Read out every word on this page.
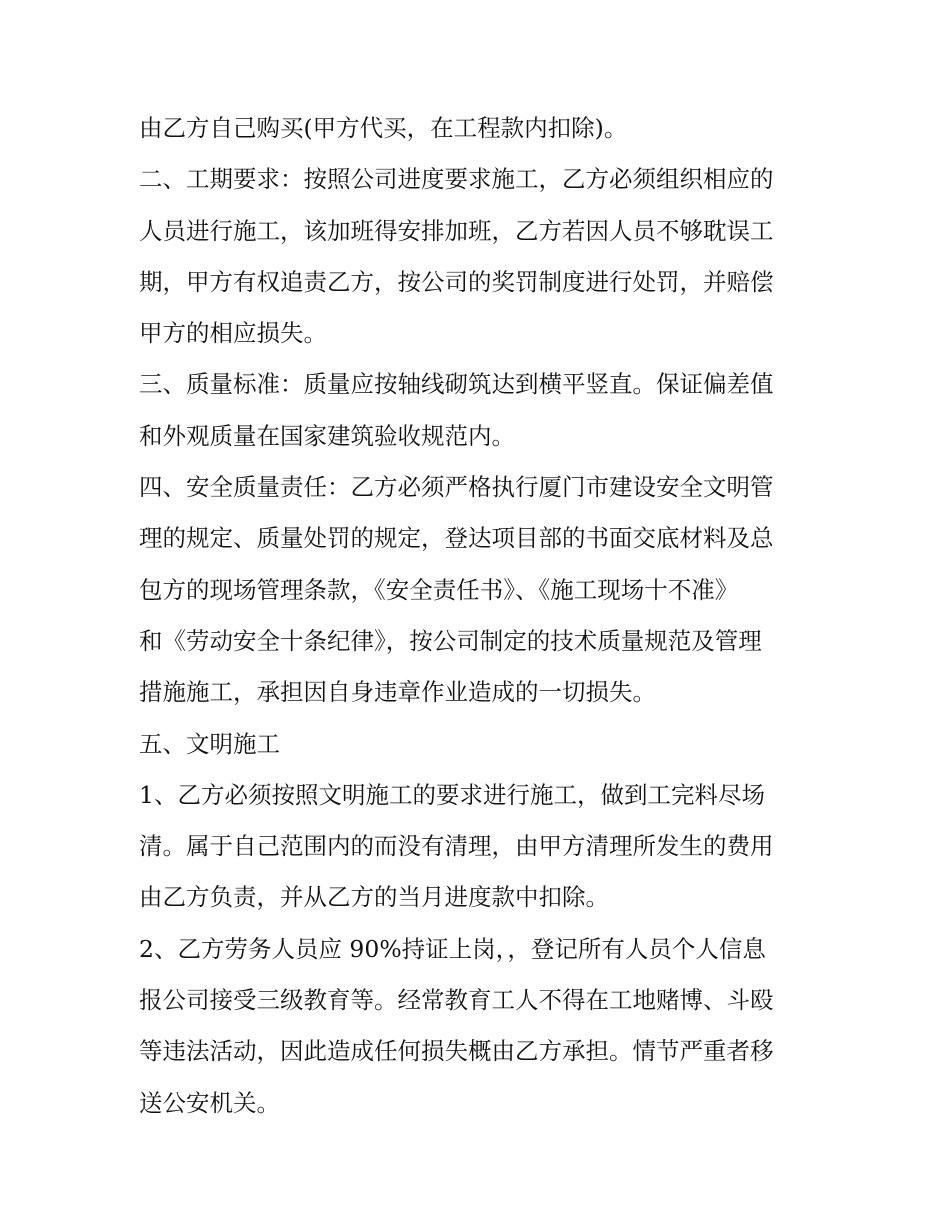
由乙方自己购买(甲方代买，在工程款内扣除)。
二、工期要求：按照公司进度要求施工，乙方必须组织相应的
人员进行施工，该加班得安排加班，乙方若因人员不够耽误工
期，甲方有权追责乙方，按公司的奖罚制度进行处罚，并赔偿
甲方的相应损失。
三、质量标准：质量应按轴线砌筑达到横平竖直。保证偏差值
和外观质量在国家建筑验收规范内。
四、安全质量责任：乙方必须严格执行厦门市建设安全文明管
理的规定、质量处罚的规定，登达项目部的书面交底材料及总
包方的现场管理条款，《安全责任书》、《施工现场十不准》
和《劳动安全十条纪律》，按公司制定的技术质量规范及管理
措施施工，承担因自身违章作业造成的一切损失。
五、文明施工
1、乙方必须按照文明施工的要求进行施工，做到工完料尽场
清。属于自己范围内的而没有清理，由甲方清理所发生的费用
由乙方负责，并从乙方的当月进度款中扣除。
2、乙方劳务人员应 90%持证上岗，，登记所有人员个人信息
报公司接受三级教育等。经常教育工人不得在工地赌博、斗殴
等违法活动，因此造成任何损失概由乙方承担。情节严重者移
送公安机关。
